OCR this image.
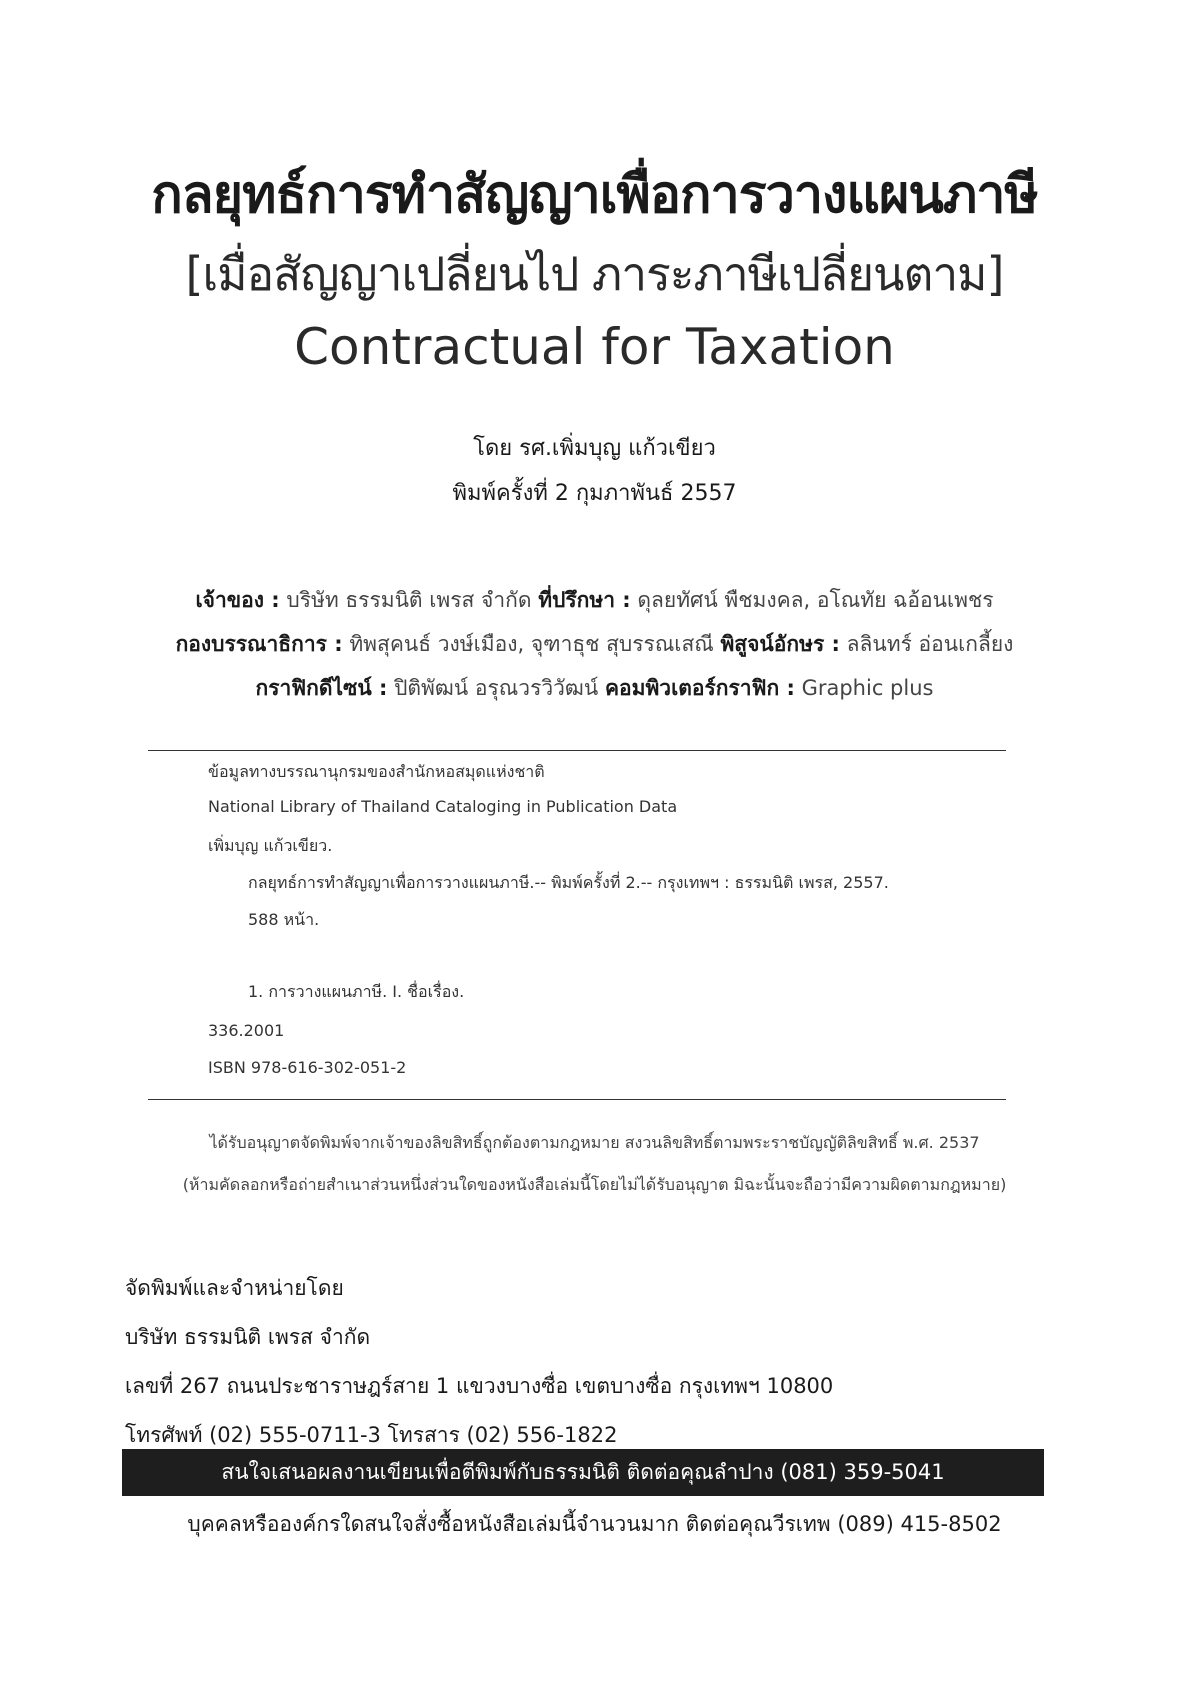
กลยุทธ์การทำสัญญาเพื่อการวางแผนภาษี
[เมื่อสัญญาเปลี่ยนไป ภาระภาษีเปลี่ยนตาม]
Contractual for Taxation
โดย รศ.เพิ่มบุญ แก้วเขียว
พิมพ์ครั้งที่ 2 กุมภาพันธ์ 2557
เจ้าของ : บริษัท ธรรมนิติ เพรส จำกัด ที่ปรึกษา : ดุลยทัศน์ พืชมงคล, อโณทัย ฉอ้อนเพชร
กองบรรณาธิการ : ทิพสุคนธ์ วงษ์เมือง, จุฑาธุช สุบรรณเสณี พิสูจน์อักษร : ลลินทร์ อ่อนเกลี้ยง
กราฟิกดีไซน์ : ปิติพัฒน์ อรุณวรวิวัฒน์ คอมพิวเตอร์กราฟิก : Graphic plus
ข้อมูลทางบรรณานุกรมของสำนักหอสมุดแห่งชาติ
National Library of Thailand Cataloging in Publication Data
เพิ่มบุญ แก้วเขียว.
กลยุทธ์การทำสัญญาเพื่อการวางแผนภาษี.-- พิมพ์ครั้งที่ 2.-- กรุงเทพฯ : ธรรมนิติ เพรส, 2557.
588 หน้า.
1. การวางแผนภาษี. I. ชื่อเรื่อง.
336.2001
ISBN 978-616-302-051-2
ได้รับอนุญาตจัดพิมพ์จากเจ้าของลิขสิทธิ์ถูกต้องตามกฎหมาย สงวนลิขสิทธิ์ตามพระราชบัญญัติลิขสิทธิ์ พ.ศ. 2537
(ห้ามคัดลอกหรือถ่ายสำเนาส่วนหนึ่งส่วนใดของหนังสือเล่มนี้โดยไม่ได้รับอนุญาต มิฉะนั้นจะถือว่ามีความผิดตามกฎหมาย)
จัดพิมพ์และจำหน่ายโดย
บริษัท ธรรมนิติ เพรส จำกัด
เลขที่ 267 ถนนประชาราษฎร์สาย 1 แขวงบางซื่อ เขตบางซื่อ กรุงเทพฯ 10800
โทรศัพท์ (02) 555-0711-3 โทรสาร (02) 556-1822
สนใจเสนอผลงานเขียนเพื่อตีพิมพ์กับธรรมนิติ ติดต่อคุณลำปาง (081) 359-5041
บุคคลหรือองค์กรใดสนใจสั่งซื้อหนังสือเล่มนี้จำนวนมาก ติดต่อคุณวีรเทพ (089) 415-8502
